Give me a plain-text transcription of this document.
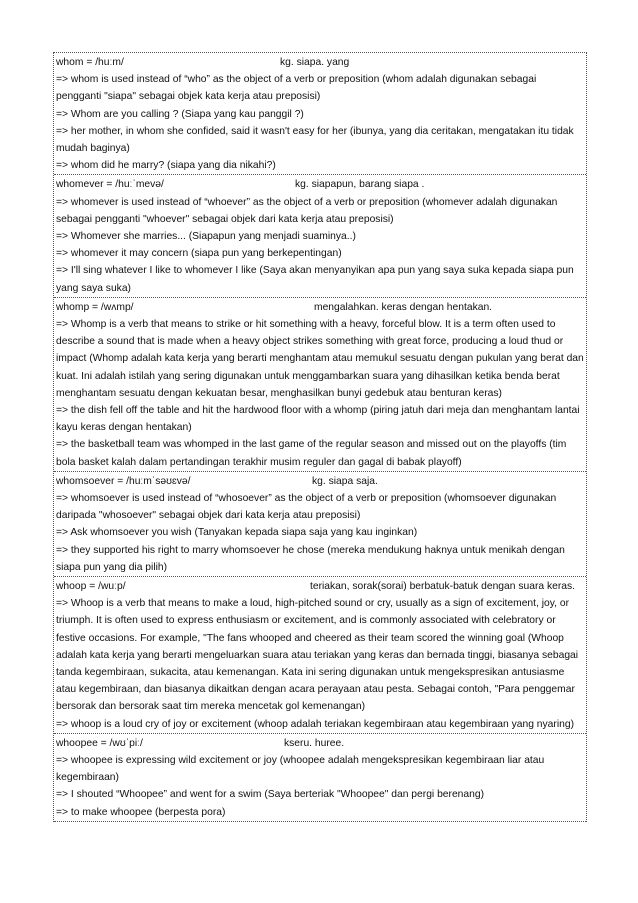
whom = /huːm/	kg. siapa. yang
=> whom is used instead of “who” as the object of a verb or preposition (whom adalah digunakan sebagai pengganti "siapa" sebagai objek kata kerja atau preposisi)
=> Whom are you calling ? (Siapa yang kau panggil ?)
=> her mother, in whom she confided, said it wasn't easy for her (ibunya, yang dia ceritakan, mengatakan itu tidak mudah baginya)
=> whom did he marry? (siapa yang dia nikahi?)
whomever = /huːˈmevə/	kg. siapapun, barang siapa .
=> whomever is used instead of “whoever” as the object of a verb or preposition (whomever adalah digunakan sebagai pengganti "whoever" sebagai objek dari kata kerja atau preposisi)
=> Whomever she marries... (Siapapun yang menjadi suaminya..)
=> whomever it may concern (siapa pun yang berkepentingan)
=> I'll sing whatever I like to whomever I like (Saya akan menyanyikan apa pun yang saya suka kepada siapa pun yang saya suka)
whomp = /wʌmp/	mengalahkan. keras dengan hentakan.
=> Whomp is a verb that means to strike or hit something with a heavy, forceful blow. It is a term often used to describe a sound that is made when a heavy object strikes something with great force, producing a loud thud or impact (Whomp adalah kata kerja yang berarti menghantam atau memukul sesuatu dengan pukulan yang berat dan kuat. Ini adalah istilah yang sering digunakan untuk menggambarkan suara yang dihasilkan ketika benda berat menghantam sesuatu dengan kekuatan besar, menghasilkan bunyi gedebuk atau benturan keras)
=> the dish fell off the table and hit the hardwood floor with a whomp (piring jatuh dari meja dan menghantam lantai kayu keras dengan hentakan)
=> the basketball team was whomped in the last game of the regular season and missed out on the playoffs (tim bola basket kalah dalam pertandingan terakhir musim reguler dan gagal di babak playoff)
whomsoever = /huːmˈsəʊɛvə/	kg. siapa saja.
=> whomsoever is used instead of “whosoever” as the object of a verb or preposition (whomsoever digunakan daripada "whosoever" sebagai objek dari kata kerja atau preposisi)
=> Ask whomsoever you wish (Tanyakan kepada siapa saja yang kau inginkan)
=> they supported his right to marry whomsoever he chose (mereka mendukung haknya untuk menikah dengan siapa pun yang dia pilih)
whoop = /wuːp/	teriakan, sorak(sorai) berbatuk-batuk dengan suara keras.
=> Whoop is a verb that means to make a loud, high-pitched sound or cry, usually as a sign of excitement, joy, or triumph. It is often used to express enthusiasm or excitement, and is commonly associated with celebratory or festive occasions. For example, "The fans whooped and cheered as their team scored the winning goal (Whoop adalah kata kerja yang berarti mengeluarkan suara atau teriakan yang keras dan bernada tinggi, biasanya sebagai tanda kegembiraan, sukacita, atau kemenangan. Kata ini sering digunakan untuk mengekspresikan antusiasme atau kegembiraan, dan biasanya dikaitkan dengan acara perayaan atau pesta. Sebagai contoh, "Para penggemar bersorak dan bersorak saat tim mereka mencetak gol kemenangan)
=> whoop is a loud cry of joy or excitement (whoop adalah teriakan kegembiraan atau kegembiraan yang nyaring)
whoopee = /wʊˈpiː/	kseru. huree.
=> whoopee is expressing wild excitement or joy (whoopee adalah mengekspresikan kegembiraan liar atau kegembiraan)
=> I shouted “Whoopee” and went for a swim (Saya berteriak "Whoopee" dan pergi berenang)
=> to make whoopee (berpesta pora)
